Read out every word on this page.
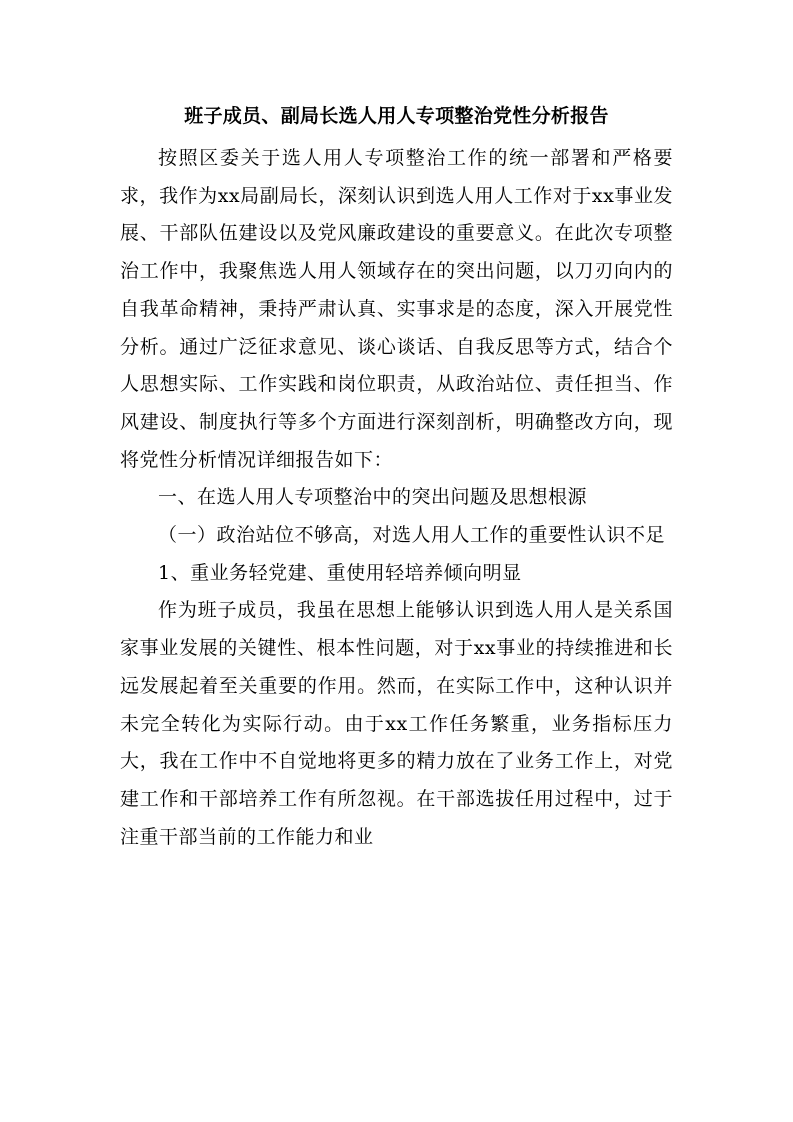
班子成员、副局长选人用人专项整治党性分析报告

按照区委关于选人用人专项整治工作的统一部署和严格要求，我作为xx局副局长，深刻认识到选人用人工作对于xx事业发展、干部队伍建设以及党风廉政建设的重要意义。在此次专项整治工作中，我聚焦选人用人领域存在的突出问题，以刀刃向内的自我革命精神，秉持严肃认真、实事求是的态度，深入开展党性分析。通过广泛征求意见、谈心谈话、自我反思等方式，结合个人思想实际、工作实践和岗位职责，从政治站位、责任担当、作风建设、制度执行等多个方面进行深刻剖析，明确整改方向，现将党性分析情况详细报告如下：

一、在选人用人专项整治中的突出问题及思想根源

（一）政治站位不够高，对选人用人工作的重要性认识不足

1、重业务轻党建、重使用轻培养倾向明显

作为班子成员，我虽在思想上能够认识到选人用人是关系国家事业发展的关键性、根本性问题，对于xx事业的持续推进和长远发展起着至关重要的作用。然而，在实际工作中，这种认识并未完全转化为实际行动。由于xx工作任务繁重，业务指标压力大，我在工作中不自觉地将更多的精力放在了业务工作上，对党建工作和干部培养工作有所忽视。在干部选拔任用过程中，过于注重干部当前的工作能力和业
